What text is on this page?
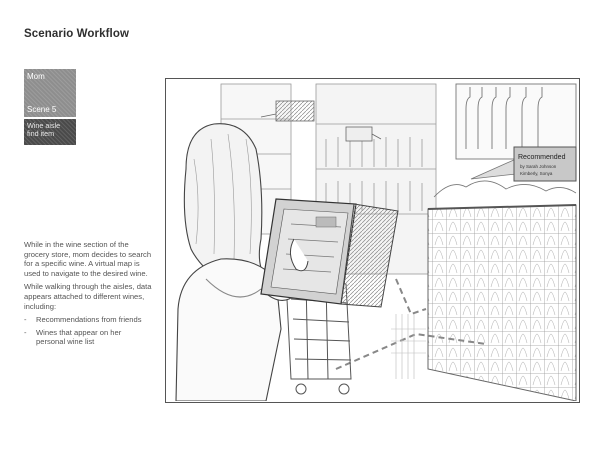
Scenario Workflow
Mom
Scene 5
Wine aisle find item

While in the wine section of the grocery store, mom decides to search for a specific wine. A virtual map is used to navigate to the desired wine.

While walking through the aisles, data appears attached to different wines, including:

- Recommendations from friends
- Wines that appear on her personal wine list
Recommended
by Sarah Johnson
Kimberly, Sonya
